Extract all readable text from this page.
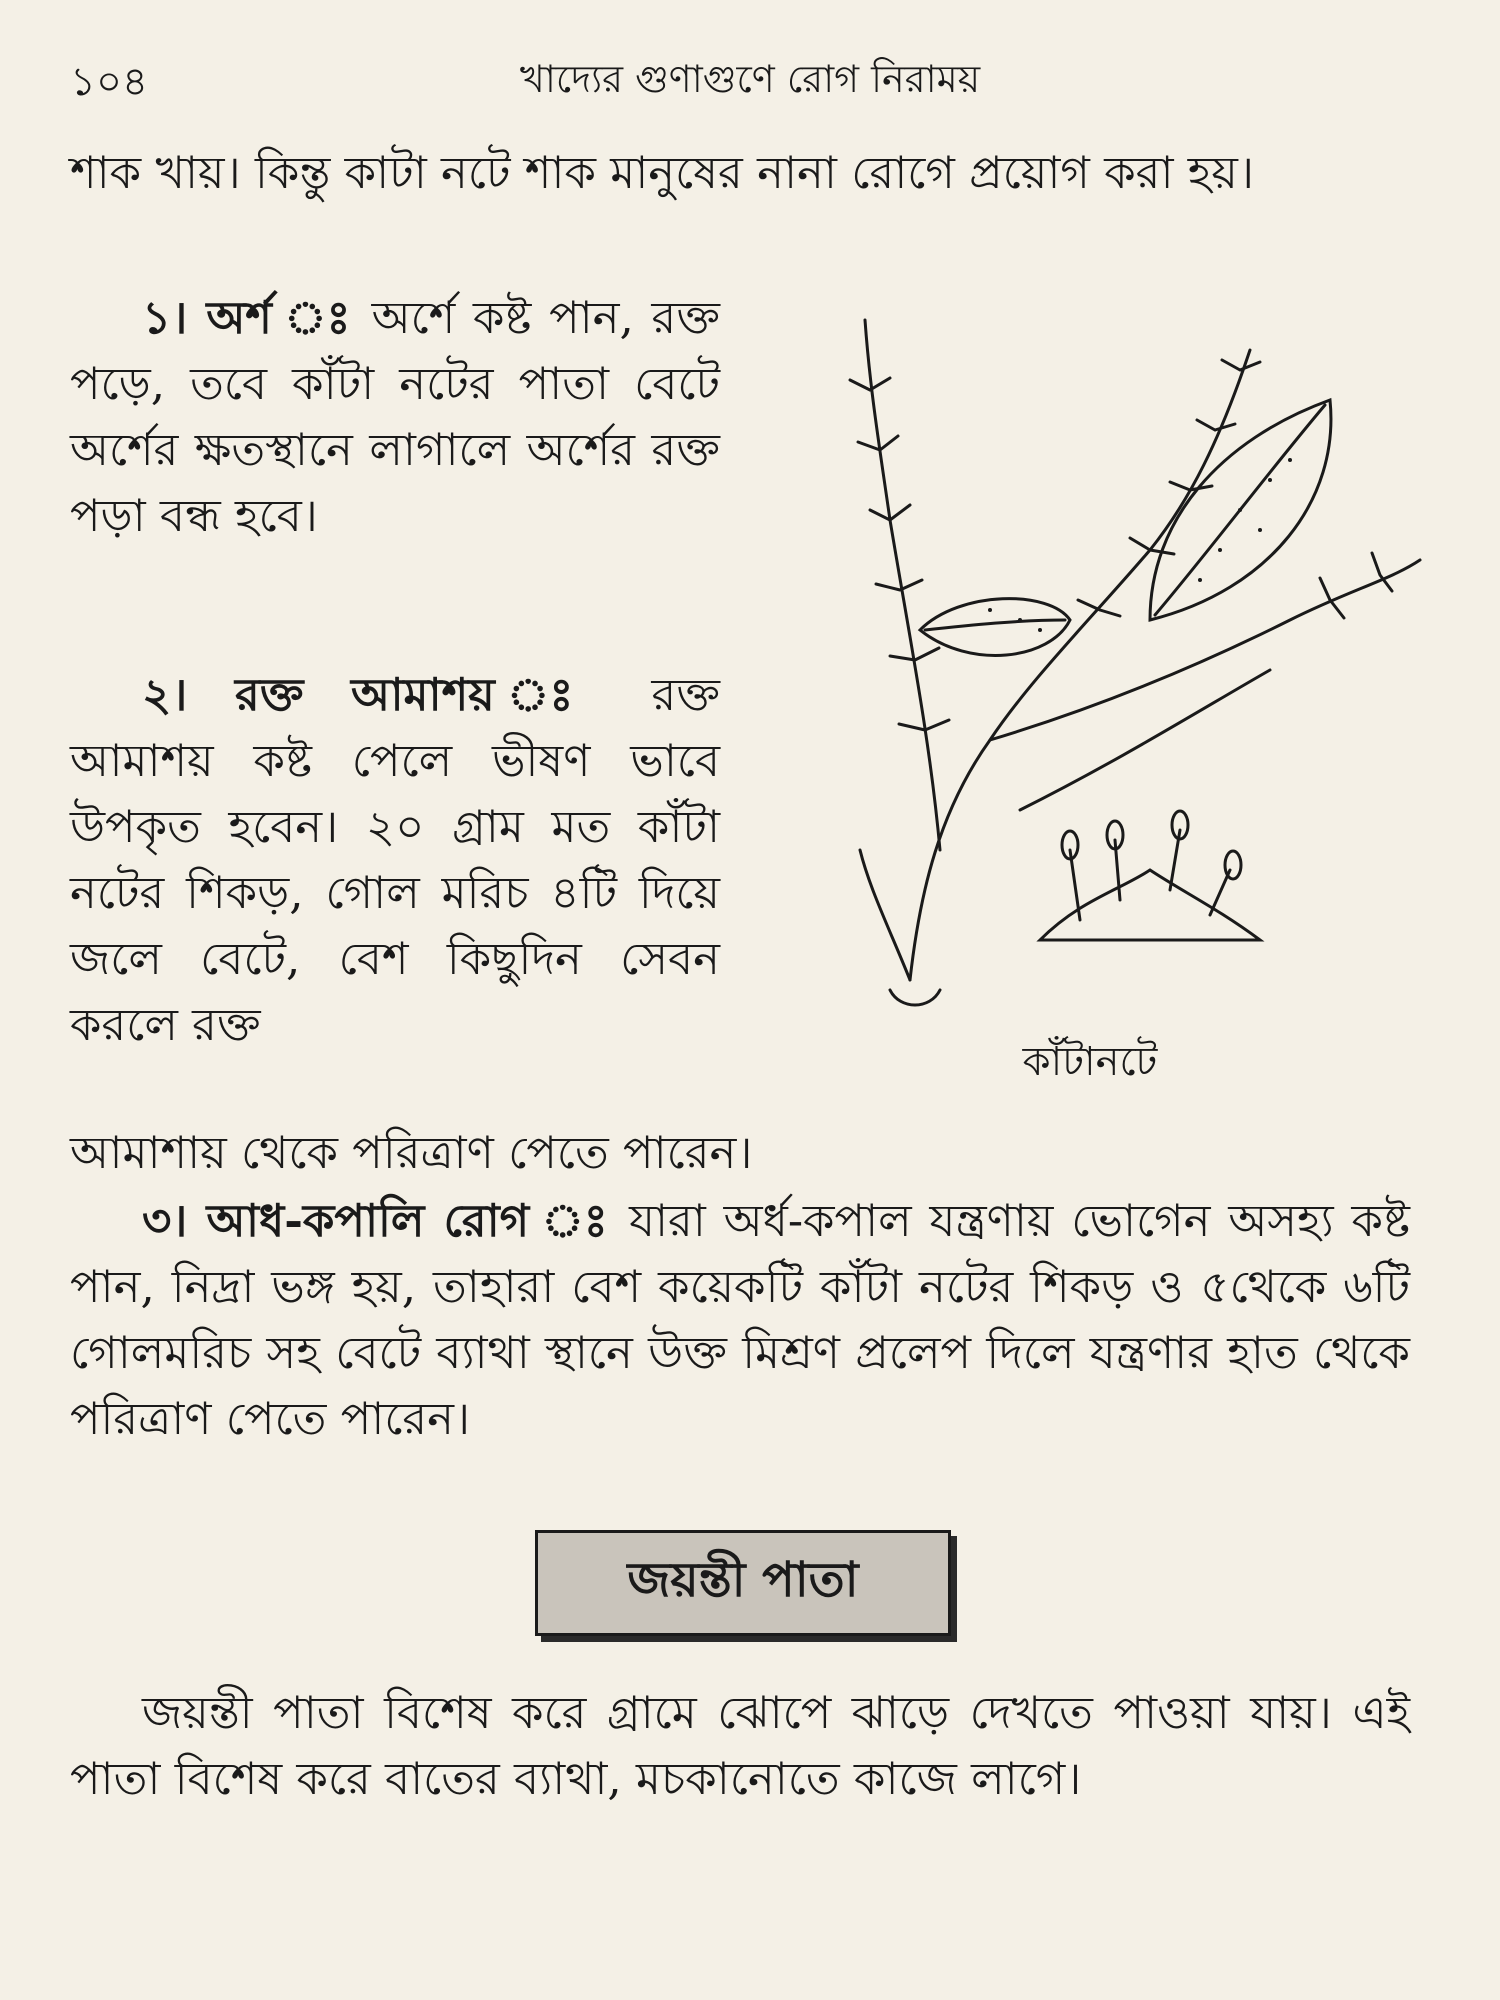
১০৪	খাদ্যের গুণাগুণে রোগ নিরাময়
শাক খায়। কিন্তু কাটা নটে শাক মানুষের নানা রোগে প্রয়োগ করা হয়।
১। অর্শ ঃ অর্শে কষ্ট পান, রক্ত পড়ে, তবে কাঁটা নটের পাতা বেটে অর্শের ক্ষতস্থানে লাগালে অর্শের রক্ত পড়া বন্ধ হবে।
২। রক্ত আমাশয় ঃ রক্ত আমাশয় কষ্ট পেলে ভীষণ ভাবে উপকৃত হবেন। ২০ গ্রাম মত কাঁটা নটের শিকড়, গোল মরিচ ৪টি দিয়ে জলে বেটে, বেশ কিছুদিন সেবন করলে রক্ত
আমাশায় থেকে পরিত্রাণ পেতে পারেন।
৩। আধ-কপালি রোগ ঃ যারা অর্ধ-কপাল যন্ত্রণায় ভোগেন অসহ্য কষ্ট পান, নিদ্রা ভঙ্গ হয়, তাহারা বেশ কয়েকটি কাঁটা নটের শিকড় ও ৫থেকে ৬টি গোলমরিচ সহ বেটে ব্যাথা স্থানে উক্ত মিশ্রণ প্রলেপ দিলে যন্ত্রণার হাত থেকে পরিত্রাণ পেতে পারেন।
কাঁটানটে
জয়ন্তী পাতা
জয়ন্তী পাতা বিশেষ করে গ্রামে ঝোপে ঝাড়ে দেখতে পাওয়া যায়। এই পাতা বিশেষ করে বাতের ব্যাথা, মচকানোতে কাজে লাগে।
